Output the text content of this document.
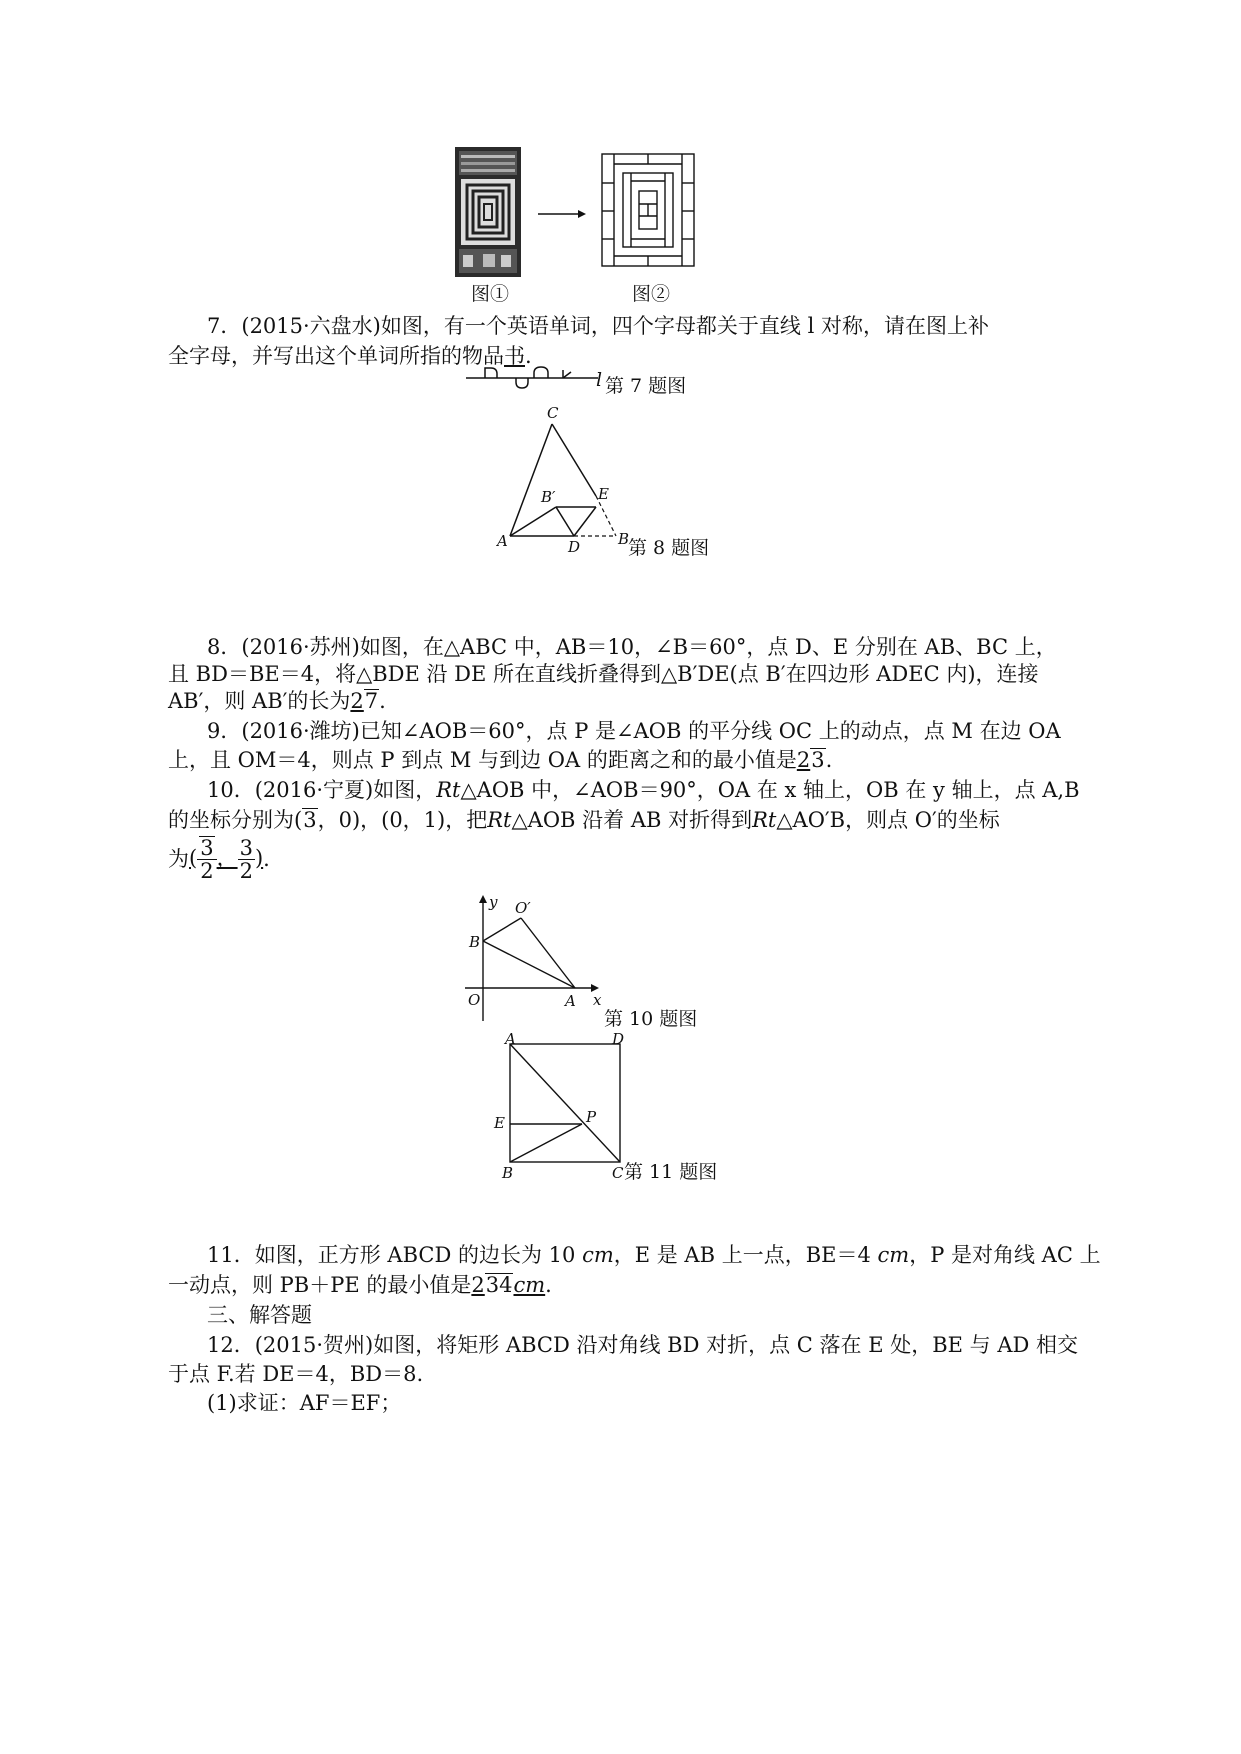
图①	图②
7．(2015·六盘水)如图，有一个英语单词，四个字母都关于直线 l 对称，请在图上补
全字母，并写出这个单词所指的物品书.
l 第 7 题图
C
A	B
B′	E
D	第 8 题图
8．(2016·苏州)如图，在△ABC 中，AB＝10，∠B＝60°，点 D、E 分别在 AB、BC 上，
且 BD＝BE＝4，将△BDE 沿 DE 所在直线折叠得到△B′DE(点 B′在四边形 ADEC 内)，连接
AB′，则 AB′的长为27.
9．(2016·潍坊)已知∠AOB＝60°，点 P 是∠AOB 的平分线 OC 上的动点，点 M 在边 OA
上，且 OM＝4，则点 P 到点 M 与到边 OA 的距离之和的最小值是23.
10．(2016·宁夏)如图，Rt△AOB 中，∠AOB＝90°，OA 在 x 轴上，OB 在 y 轴上，点 A,B
的坐标分别为(3，0)，(0，1)，把Rt△AOB 沿着 AB 对折得到Rt△AO′B，则点 O′的坐标
为( $\frac{3}{2}$ ， $\frac{3}{2}$ ).
y O′
B
O	A x
第 10 题图
A	D
E	P
B	C 第 11 题图
11．如图，正方形 ABCD 的边长为 10 cm，E 是 AB 上一点，BE＝4 cm，P 是对角线 AC 上
一动点，则 PB＋PE 的最小值是234cm.
三、解答题
12．(2015·贺州)如图，将矩形 ABCD 沿对角线 BD 对折，点 C 落在 E 处，BE 与 AD 相交
于点 F.若 DE＝4，BD＝8.
(1)求证：AF＝EF；
